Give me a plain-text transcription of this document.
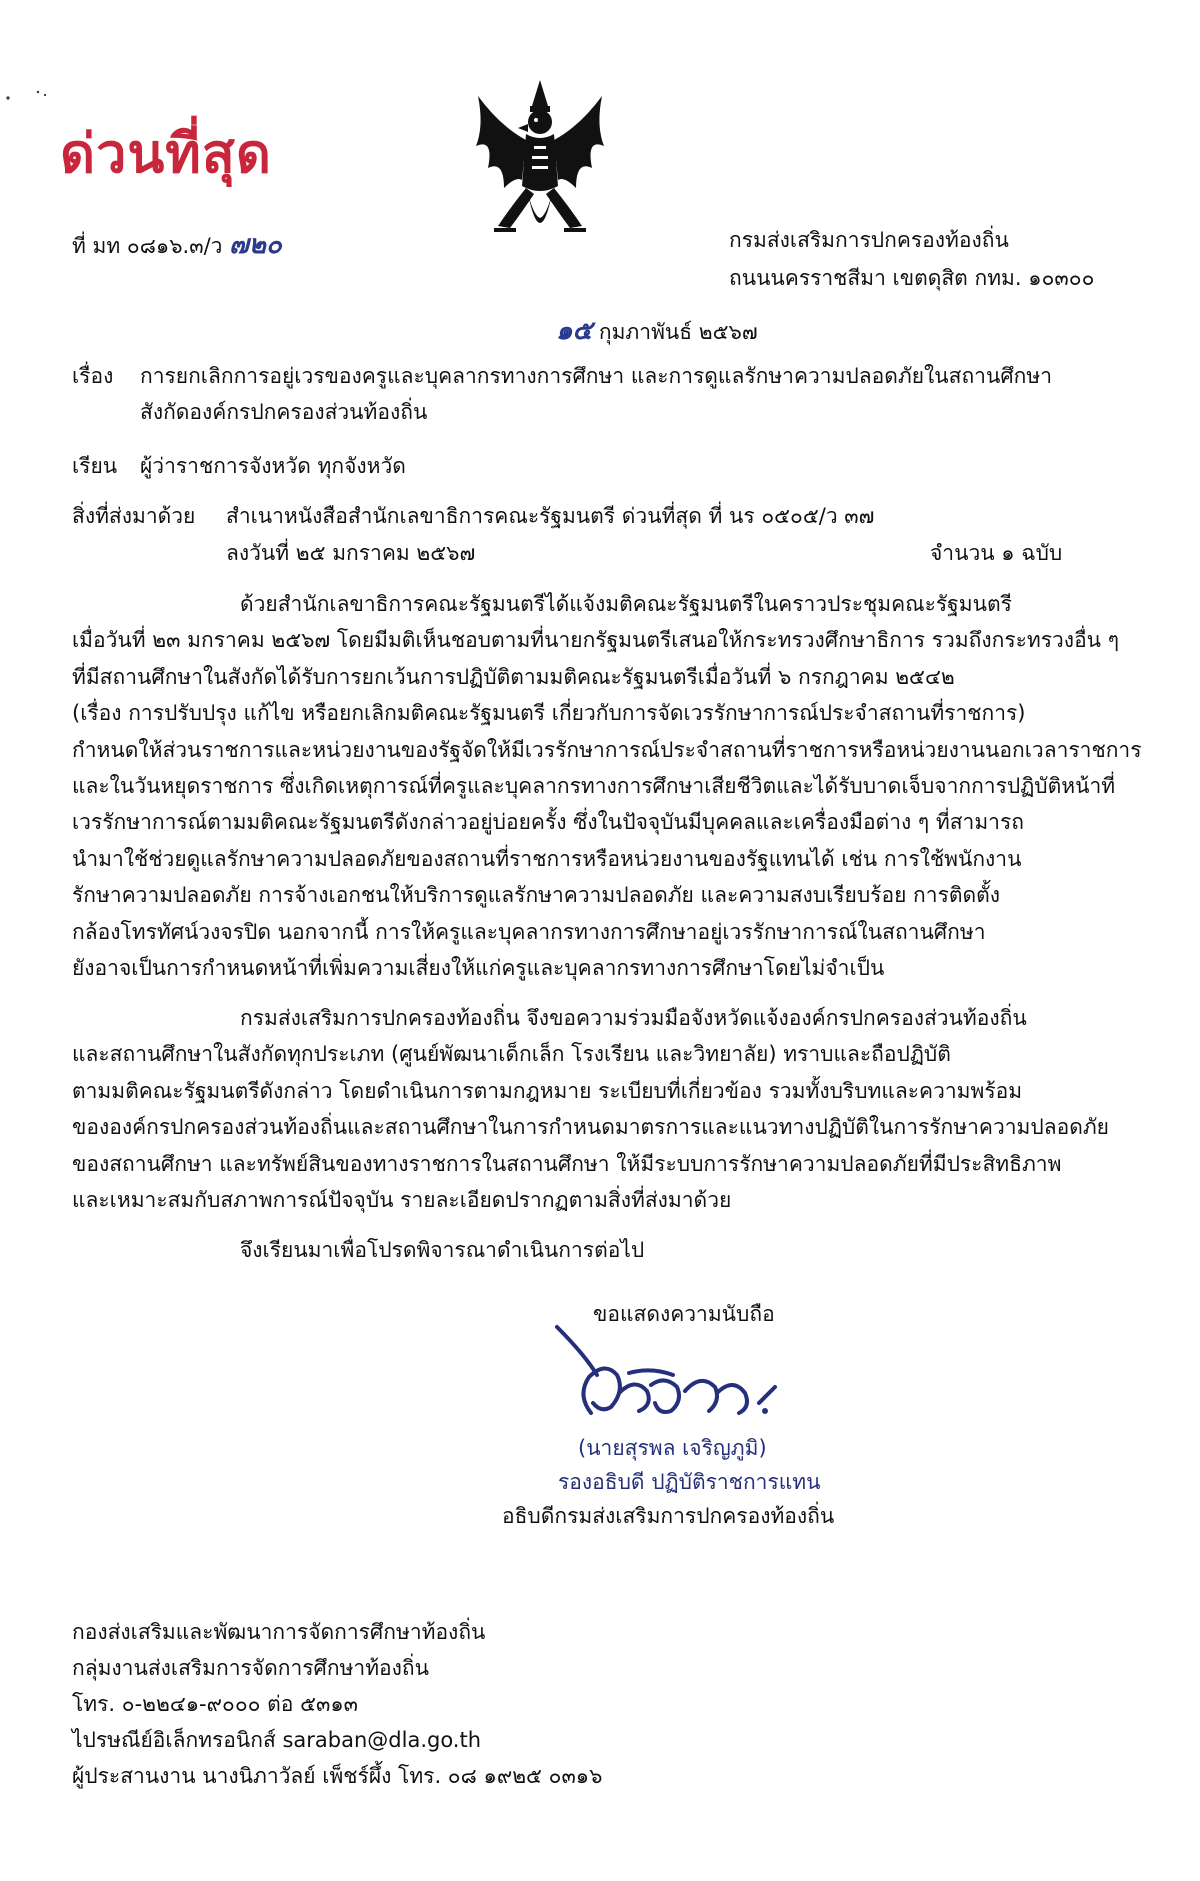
ด่วนที่สุด
ที่ มท ๐๘๑๖.๓/ว ๗๒๐	กรมส่งเสริมการปกครองท้องถิ่น
ถนนนครราชสีมา เขตดุสิต กทม. ๑๐๓๐๐
๑๕ กุมภาพันธ์ ๒๕๖๗
เรื่อง การยกเลิกการอยู่เวรของครูและบุคลากรทางการศึกษา และการดูแลรักษาความปลอดภัยในสถานศึกษา
สังกัดองค์กรปกครองส่วนท้องถิ่น
เรียน ผู้ว่าราชการจังหวัด ทุกจังหวัด
สิ่งที่ส่งมาด้วย สำเนาหนังสือสำนักเลขาธิการคณะรัฐมนตรี ด่วนที่สุด ที่ นร ๐๕๐๕/ว ๓๗
ลงวันที่ ๒๕ มกราคม ๒๕๖๗	จำนวน ๑ ฉบับ
ด้วยสำนักเลขาธิการคณะรัฐมนตรีได้แจ้งมติคณะรัฐมนตรีในคราวประชุมคณะรัฐมนตรี
เมื่อวันที่ ๒๓ มกราคม ๒๕๖๗ โดยมีมติเห็นชอบตามที่นายกรัฐมนตรีเสนอให้กระทรวงศึกษาธิการ รวมถึงกระทรวงอื่น ๆ
ที่มีสถานศึกษาในสังกัดได้รับการยกเว้นการปฏิบัติตามมติคณะรัฐมนตรีเมื่อวันที่ ๖ กรกฎาคม ๒๕๔๒
(เรื่อง การปรับปรุง แก้ไข หรือยกเลิกมติคณะรัฐมนตรี เกี่ยวกับการจัดเวรรักษาการณ์ประจำสถานที่ราชการ)
กำหนดให้ส่วนราชการและหน่วยงานของรัฐจัดให้มีเวรรักษาการณ์ประจำสถานที่ราชการหรือหน่วยงานนอกเวลาราชการ
และในวันหยุดราชการ ซึ่งเกิดเหตุการณ์ที่ครูและบุคลากรทางการศึกษาเสียชีวิตและได้รับบาดเจ็บจากการปฏิบัติหน้าที่
เวรรักษาการณ์ตามมติคณะรัฐมนตรีดังกล่าวอยู่บ่อยครั้ง ซึ่งในปัจจุบันมีบุคคลและเครื่องมือต่าง ๆ ที่สามารถ
นำมาใช้ช่วยดูแลรักษาความปลอดภัยของสถานที่ราชการหรือหน่วยงานของรัฐแทนได้ เช่น การใช้พนักงาน
รักษาความปลอดภัย การจ้างเอกชนให้บริการดูแลรักษาความปลอดภัย และความสงบเรียบร้อย การติดตั้ง
กล้องโทรทัศน์วงจรปิด นอกจากนี้ การให้ครูและบุคลากรทางการศึกษาอยู่เวรรักษาการณ์ในสถานศึกษา
ยังอาจเป็นการกำหนดหน้าที่เพิ่มความเสี่ยงให้แก่ครูและบุคลากรทางการศึกษาโดยไม่จำเป็น
กรมส่งเสริมการปกครองท้องถิ่น จึงขอความร่วมมือจังหวัดแจ้งองค์กรปกครองส่วนท้องถิ่น
และสถานศึกษาในสังกัดทุกประเภท (ศูนย์พัฒนาเด็กเล็ก โรงเรียน และวิทยาลัย) ทราบและถือปฏิบัติ
ตามมติคณะรัฐมนตรีดังกล่าว โดยดำเนินการตามกฎหมาย ระเบียบที่เกี่ยวข้อง รวมทั้งบริบทและความพร้อม
ขององค์กรปกครองส่วนท้องถิ่นและสถานศึกษาในการกำหนดมาตรการและแนวทางปฏิบัติในการรักษาความปลอดภัย
ของสถานศึกษา และทรัพย์สินของทางราชการในสถานศึกษา ให้มีระบบการรักษาความปลอดภัยที่มีประสิทธิภาพ
และเหมาะสมกับสภาพการณ์ปัจจุบัน รายละเอียดปรากฏตามสิ่งที่ส่งมาด้วย
จึงเรียนมาเพื่อโปรดพิจารณาดำเนินการต่อไป
ขอแสดงความนับถือ
(นายสุรพล เจริญภูมิ)
รองอธิบดี ปฏิบัติราชการแทน
อธิบดีกรมส่งเสริมการปกครองท้องถิ่น
กองส่งเสริมและพัฒนาการจัดการศึกษาท้องถิ่น
กลุ่มงานส่งเสริมการจัดการศึกษาท้องถิ่น
โทร. ๐-๒๒๔๑-๙๐๐๐ ต่อ ๕๓๑๓
ไปรษณีย์อิเล็กทรอนิกส์ saraban@dla.go.th
ผู้ประสานงาน นางนิภาวัลย์ เพ็ชร์ผึ้ง โทร. ๐๘ ๑๙๒๕ ๐๓๑๖
